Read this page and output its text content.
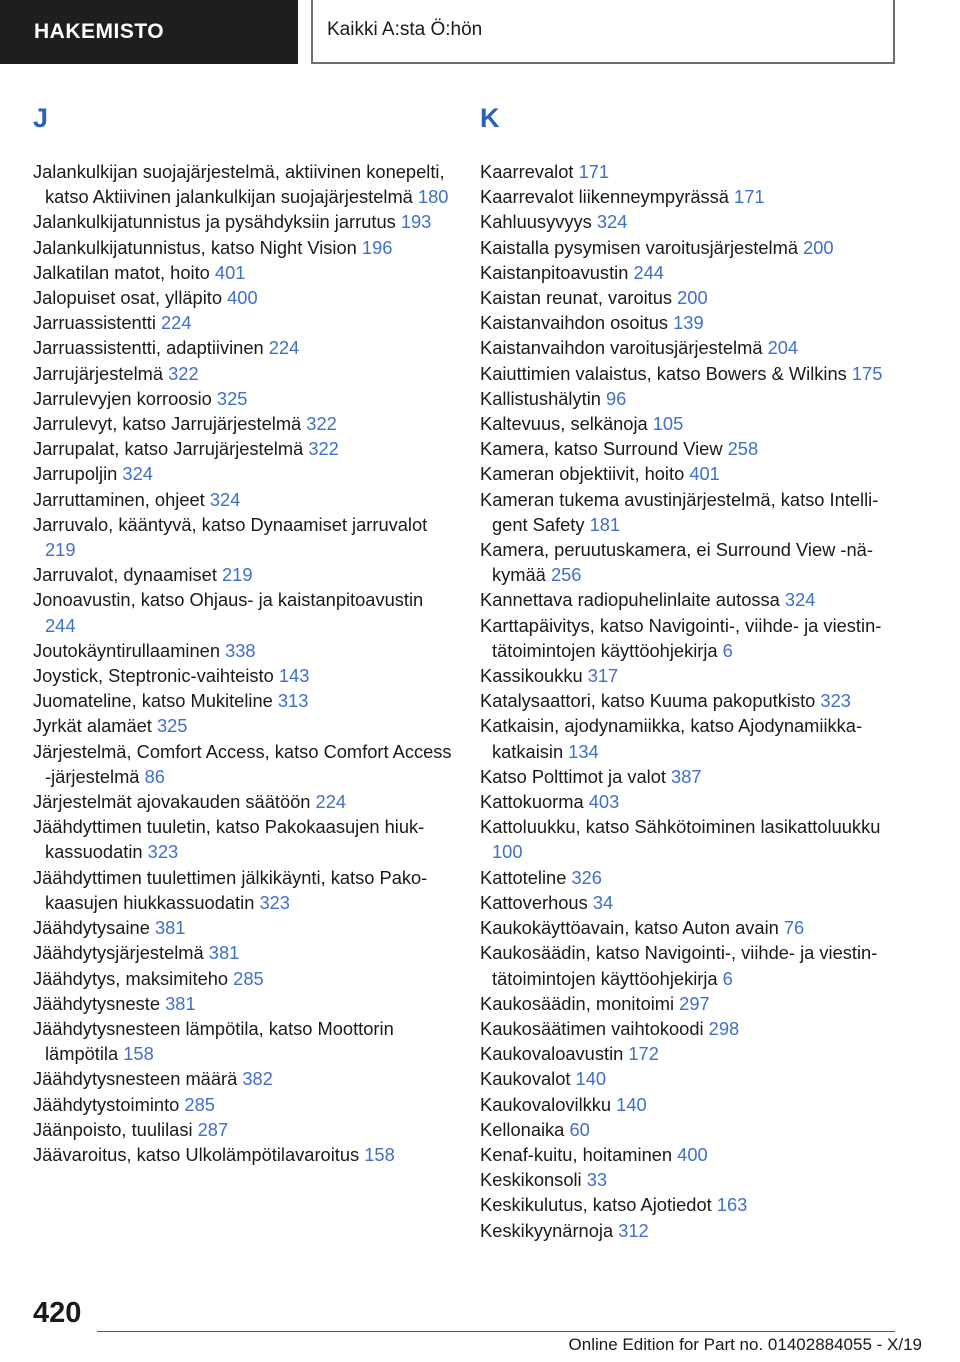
HAKEMISTO	Kaikki A:sta Ö:hön
J

Jalankulkijan suojajärjestelmä, aktiivinen konepelti, katso Aktiivinen jalankulkijan suojajärjestelmä 180

Jalankulkijatunnistus ja pysähdyksiin jarrutus 193

Jalankulkijatunnistus, katso Night Vision 196

Jalkatilan matot, hoito 401

Jalopuiset osat, ylläpito 400

Jarruassistentti 224

Jarruassistentti, adaptiivinen 224

Jarrujärjestelmä 322

Jarrulevyjen korroosio 325

Jarrulevyt, katso Jarrujärjestelmä 322

Jarrupalat, katso Jarrujärjestelmä 322

Jarrupoljin 324

Jarruttaminen, ohjeet 324

Jarruvalo, kääntyvä, katso Dynaamiset jarruvalot 219

Jarruvalot, dynaamiset 219

Jonoavustin, katso Ohjaus- ja kaistanpitoavustin 244

Joutokäyntirullaaminen 338

Joystick, Steptronic-vaihteisto 143

Juomateline, katso Mukiteline 313

Jyrkät alamäet 325

Järjestelmä, Comfort Access, katso Comfort Access -järjestelmä 86

Järjestelmät ajovakauden säätöön 224

Jäähdyttimen tuuletin, katso Pakokaasujen hiukkassuodatin 323

Jäähdyttimen tuulettimen jälkikäynti, katso Pakokaasujen hiukkassuodatin 323

Jäähdytysaine 381

Jäähdytysjärjestelmä 381

Jäähdytys, maksimiteho 285

Jäähdytysneste 381

Jäähdytysnesteen lämpötila, katso Moottorin lämpötila 158

Jäähdytysnesteen määrä 382

Jäähdytystoiminto 285

Jäänpoisto, tuulilasi 287

Jäävaroitus, katso Ulkolämpötilavaroitus 158

K

Kaarrevalot 171

Kaarrevalot liikenneympyrässä 171

Kahluusyvyys 324

Kaistalla pysymisen varoitusjärjestelmä 200

Kaistanpitoavustin 244

Kaistan reunat, varoitus 200

Kaistanvaihdon osoitus 139

Kaistanvaihdon varoitusjärjestelmä 204

Kaiuttimien valaistus, katso Bowers & Wilkins 175

Kallistushälytin 96

Kaltevuus, selkänoja 105

Kamera, katso Surround View 258

Kameran objektiivit, hoito 401

Kameran tukema avustinjärjestelmä, katso Intelligent Safety 181

Kamera, peruutuskamera, ei Surround View -näkymää 256

Kannettava radiopuhelinlaite autossa 324

Karttapäivitys, katso Navigointi-, viihde- ja viestintätoimintojen käyttöohjekirja 6

Kassikoukku 317

Katalysaattori, katso Kuuma pakoputkisto 323

Katkaisin, ajodynamiikka, katso Ajodynamiikkakatkaisin 134

Katso Polttimot ja valot 387

Kattokuorma 403

Kattoluukku, katso Sähkötoiminen lasikattoluukku 100

Kattoteline 326

Kattoverhous 34

Kaukokäyttöavain, katso Auton avain 76

Kaukosäädin, katso Navigointi-, viihde- ja viestintätoimintojen käyttöohjekirja 6

Kaukosäädin, monitoimi 297

Kaukosäätimen vaihtokoodi 298

Kaukovaloavustin 172

Kaukovalot 140

Kaukovalovilkku 140

Kellonaika 60

Kenaf-kuitu, hoitaminen 400

Keskikonsoli 33

Keskikulutus, katso Ajotiedot 163

Keskikyynärnoja 312

420
Online Edition for Part no. 01402884055 - X/19
